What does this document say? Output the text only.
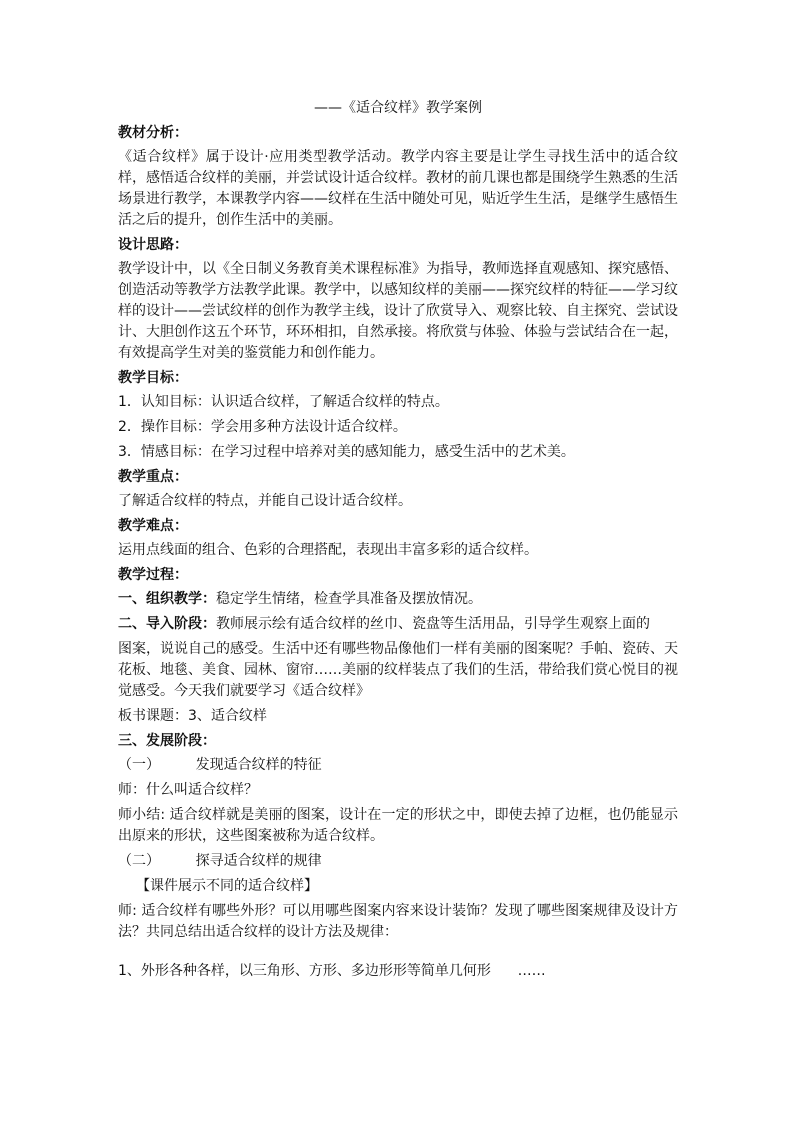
——《适合纹样》教学案例
教材分析：
《适合纹样》属于设计·应用类型教学活动。教学内容主要是让学生寻找生活中的适合纹样，感悟适合纹样的美丽，并尝试设计适合纹样。教材的前几课也都是围绕学生熟悉的生活场景进行教学，本课教学内容——纹样在生活中随处可见，贴近学生生活，是继学生感悟生活之后的提升，创作生活中的美丽。
设计思路：
教学设计中，以《全日制义务教育美术课程标准》为指导，教师选择直观感知、探究感悟、创造活动等教学方法教学此课。教学中，以感知纹样的美丽——探究纹样的特征——学习纹样的设计——尝试纹样的创作为教学主线，设计了欣赏导入、观察比较、自主探究、尝试设计、大胆创作这五个环节，环环相扣，自然承接。将欣赏与体验、体验与尝试结合在一起，有效提高学生对美的鉴赏能力和创作能力。
教学目标：
1．认知目标：认识适合纹样，了解适合纹样的特点。
2．操作目标：学会用多种方法设计适合纹样。
3．情感目标：在学习过程中培养对美的感知能力，感受生活中的艺术美。
教学重点：
了解适合纹样的特点，并能自己设计适合纹样。
教学难点：
运用点线面的组合、色彩的合理搭配，表现出丰富多彩的适合纹样。
教学过程：
一、组织教学：稳定学生情绪，检查学具准备及摆放情况。
二、导入阶段：教师展示绘有适合纹样的丝巾、瓷盘等生活用品，引导学生观察上面的
图案，说说自己的感受。生活中还有哪些物品像他们一样有美丽的图案呢？手帕、瓷砖、天花板、地毯、美食、园林、窗帘……美丽的纹样装点了我们的生活，带给我们赏心悦目的视觉感受。今天我们就要学习《适合纹样》
板书课题：3、适合纹样
三、发展阶段：
（一）        发现适合纹样的特征
师：什么叫适合纹样？
师小结: 适合纹样就是美丽的图案，设计在一定的形状之中，即使去掉了边框，也仍能显示出原来的形状，这些图案被称为适合纹样。
（二）        探寻适合纹样的规律
【课件展示不同的适合纹样】
师: 适合纹样有哪些外形？可以用哪些图案内容来设计装饰？发现了哪些图案规律及设计方法？共同总结出适合纹样的设计方法及规律：
1、外形各种各样，以三角形、方形、多边形形等简单几何形      ……
